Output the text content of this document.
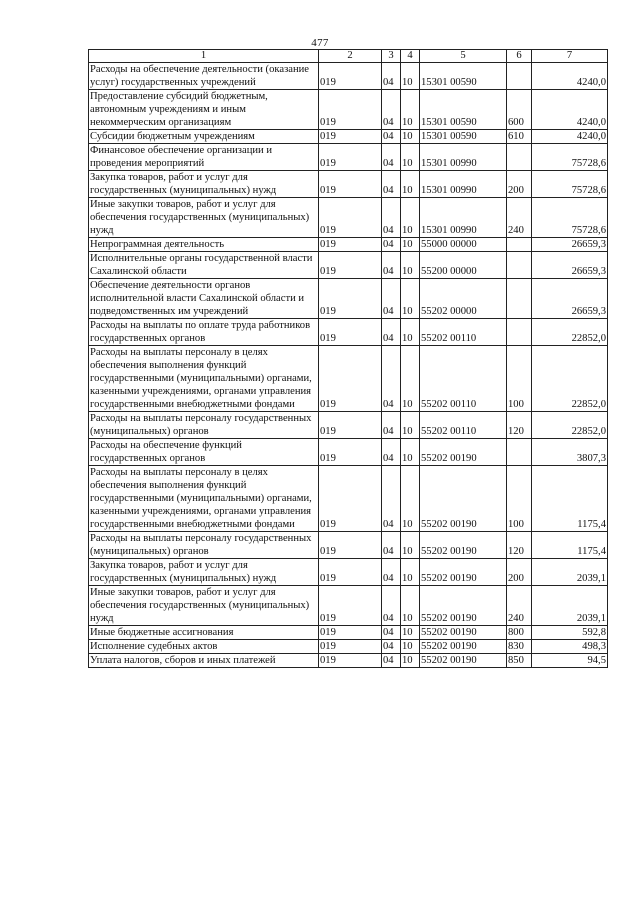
477
1	2	3	4	5	6	7
Расходы на обеспечение деятельности (оказание услуг) государственных учреждений	019	04	10	15301 00590		4240,0
Предоставление субсидий бюджетным, автономным учреждениям и иным некоммерческим организациям	019	04	10	15301 00590	600	4240,0
Субсидии бюджетным учреждениям	019	04	10	15301 00590	610	4240,0
Финансовое обеспечение организации и проведения мероприятий	019	04	10	15301 00990		75728,6
Закупка товаров, работ и услуг для государственных (муниципальных) нужд	019	04	10	15301 00990	200	75728,6
Иные закупки товаров, работ и услуг для обеспечения государственных (муниципальных) нужд	019	04	10	15301 00990	240	75728,6
Непрограммная деятельность	019	04	10	55000 00000		26659,3
Исполнительные органы государственной власти Сахалинской области	019	04	10	55200 00000		26659,3
Обеспечение деятельности органов исполнительной власти Сахалинской области и подведомственных им учреждений	019	04	10	55202 00000		26659,3
Расходы на выплаты по оплате труда работников государственных органов	019	04	10	55202 00110		22852,0
Расходы на выплаты персоналу в целях обеспечения выполнения функций государственными (муниципальными) органами, казенными учреждениями, органами управления государственными внебюджетными фондами	019	04	10	55202 00110	100	22852,0
Расходы на выплаты персоналу государственных (муниципальных) органов	019	04	10	55202 00110	120	22852,0
Расходы на обеспечение функций государственных органов	019	04	10	55202 00190		3807,3
Расходы на выплаты персоналу в целях обеспечения выполнения функций государственными (муниципальными) органами, казенными учреждениями, органами управления государственными внебюджетными фондами	019	04	10	55202 00190	100	1175,4
Расходы на выплаты персоналу государственных (муниципальных) органов	019	04	10	55202 00190	120	1175,4
Закупка товаров, работ и услуг для государственных (муниципальных) нужд	019	04	10	55202 00190	200	2039,1
Иные закупки товаров, работ и услуг для обеспечения государственных (муниципальных) нужд	019	04	10	55202 00190	240	2039,1
Иные бюджетные ассигнования	019	04	10	55202 00190	800	592,8
Исполнение судебных актов	019	04	10	55202 00190	830	498,3
Уплата налогов, сборов и иных платежей	019	04	10	55202 00190	850	94,5
